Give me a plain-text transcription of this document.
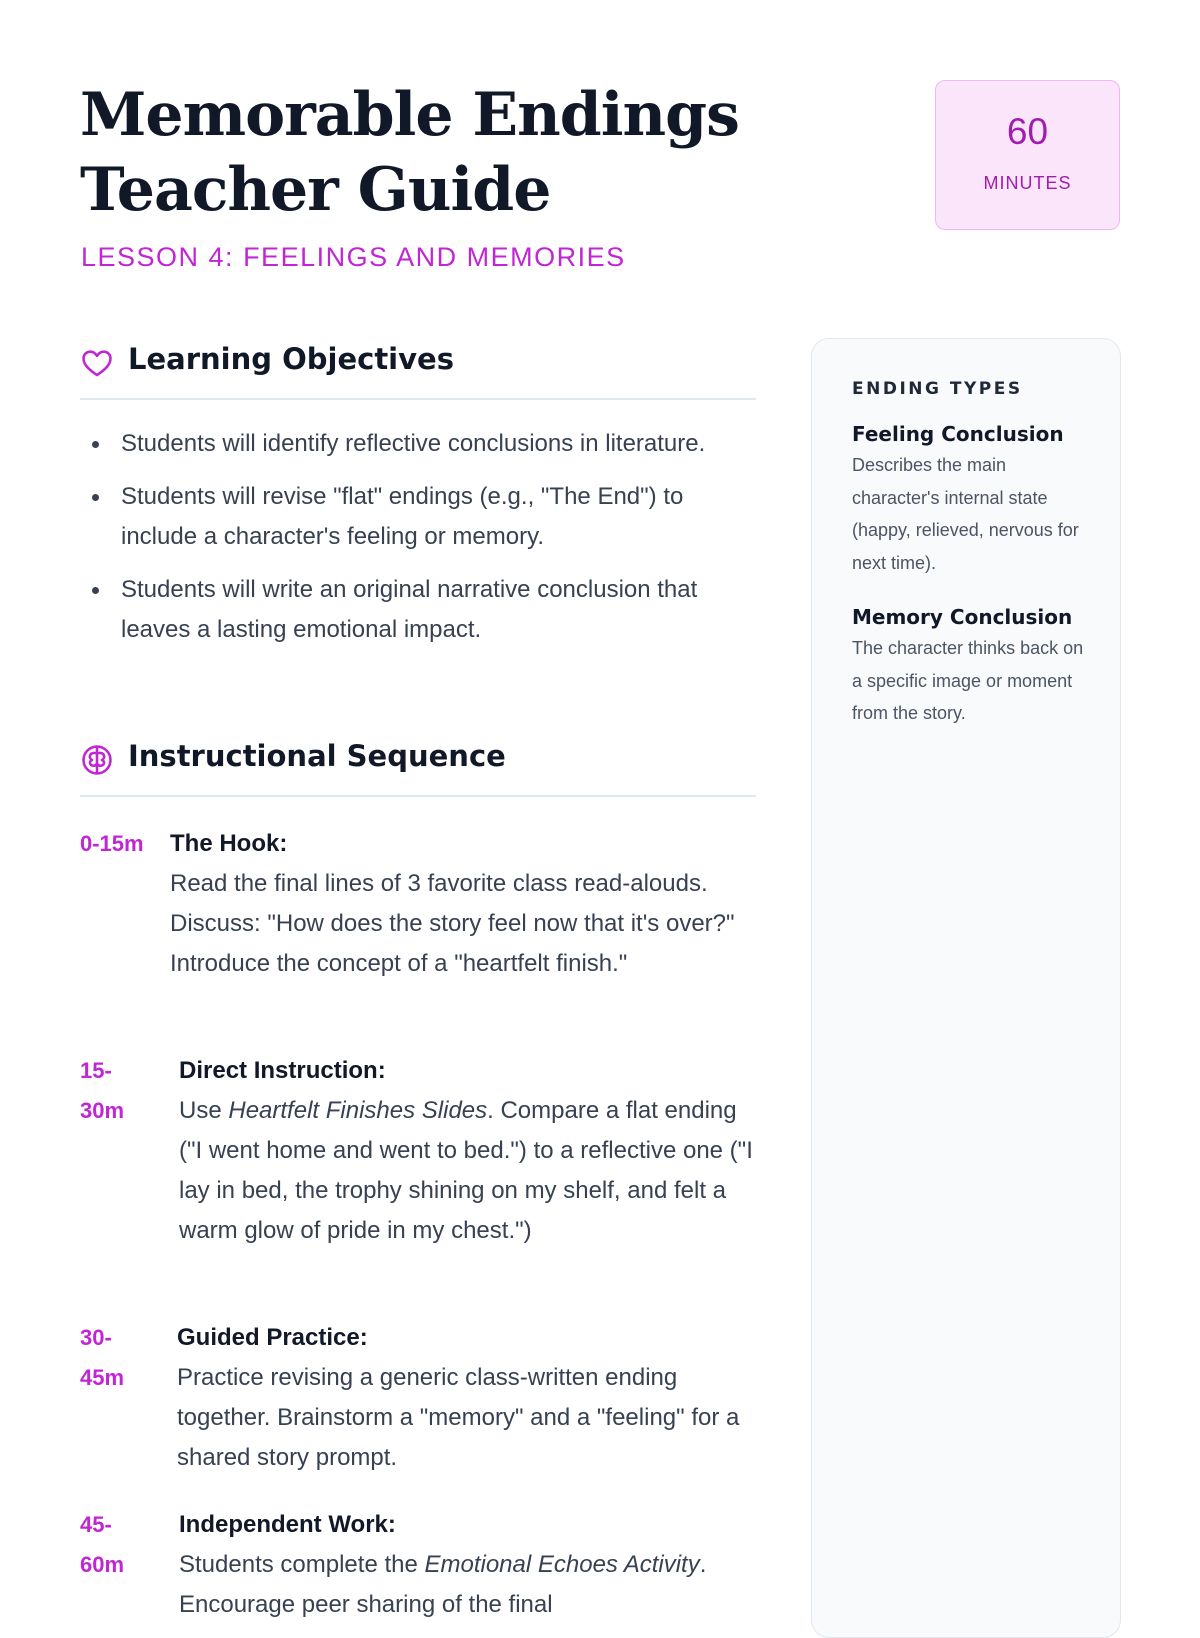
Memorable Endings Teacher Guide
LESSON 4: FEELINGS AND MEMORIES
60
MINUTES
Learning Objectives
Students will identify reflective conclusions in literature.
Students will revise "flat" endings (e.g., "The End") to include a character's feeling or memory.
Students will write an original narrative conclusion that leaves a lasting emotional impact.
Instructional Sequence
0-15m The Hook:
Read the final lines of 3 favorite class read-alouds. Discuss: "How does the story feel now that it's over?" Introduce the concept of a "heartfelt finish."
15-30m
Direct Instruction:
Use Heartfelt Finishes Slides. Compare a flat ending ("I went home and went to bed.") to a reflective one ("I lay in bed, the trophy shining on my shelf, and felt a warm glow of pride in my chest.")
30-45m
Guided Practice:
Practice revising a generic class-written ending together. Brainstorm a "memory" and a "feeling" for a shared story prompt.
45-60m
Independent Work:
Students complete the Emotional Echoes Activity. Encourage peer sharing of the final
ENDING TYPES
Feeling Conclusion
Describes the main character's internal state (happy, relieved, nervous for next time).
Memory Conclusion
The character thinks back on a specific image or moment from the story.
